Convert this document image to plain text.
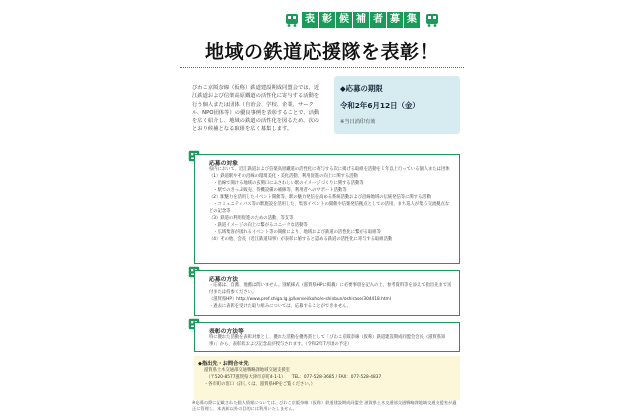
表 彰 候 補 者 募 集
地域の鉄道応援隊を表彰！
びわこ京阪奈線（仮称）鉄道建設期成同盟会では、近江鉄道および信楽高原鐵道の活性化に寄与する活動を行う個人または団体（自治会、学校、企業、サークル、NPO団体等）の優良事例を表彰することで、活動を広く紹介し、地域の鉄道の活性化を図るため、次のとおり候補となる取組を広く募集します。
◆応募の期限
令和2年6月12日（金）
※当日消印有効
応募の対象
県内において、近江鉄道および信楽高原鐵道の活性化に寄与する次に掲げる取組を活動を１年以上行っている個人または団体
（1）鉄道駅やその沿線の環境美化・美化活動、利用促進の向上に関する活動
　・沿線で開ける地域の玄関口にふさわしい駅のイメージづくりに関する活動等
　・駅でのきっぷ販売、待機設備の補修等、利用者へのサポート活動等
（2）駅魅力を活用したイベント開催等、駅の魅力発信を高める系統活動および沿線地域の伝統発信等に関する活動
　・コミュニティバス等の駅施設を活用した、集客イベントの開催や信楽発信拠点としての活用、まち巡人が集う交流拠点などの記念等
（3）鉄道の利用促進のための活動、等支等
　・鉄道イメージの向上に繋がるユニークな活動等
　・広域集客が図れるイベント等の開催により、地域および鉄道の活性化に繋がる取組等
（4）その他、会長（近江鉄道知事）が表彰に値すると認める鉄道の活性化に寄与する取組活動
応募の方法
・応募は、自薦、他薦は問いません。別紙様式（滋賀県HPに掲載）に必要事項を記入の上、参考資料等を添えて指出先まで送付または持参ください。
（滋賀県HP）http://www.pref.shiga.lg.jp/kensei/koho/e-shinbun/oshirase/304418.html
・過去に表彰を受けた取り組みについては、応募することができません。
表彰の方法等
特に優れた活動を表彰対象とし、優れた活動を優秀賞として「びわこ京阪奈線（仮称）鉄道建設期成同盟会会長（滋賀県知事）」から、表彰状および記念品が授与されます。（令和2年7月頃の予定）
◆指出先・お問合せ先
滋賀県土木交通部交通戦略課地域交通支援室
　（〒520-8577滋賀県大津市京町4-1-1）　　TEL：077-528-3685 / FAX：077-528-4837
・各市町の窓口（詳しくは、滋賀県HPをご覧ください。）
※応募の際に記載された個人情報については、びわこ京阪奈線（仮称）鉄道建設期成同盟会 滋賀県土木交通部交通戦略課地域交通支援室が適正に管理し、本表彰以外の目的には利用いたしません。
